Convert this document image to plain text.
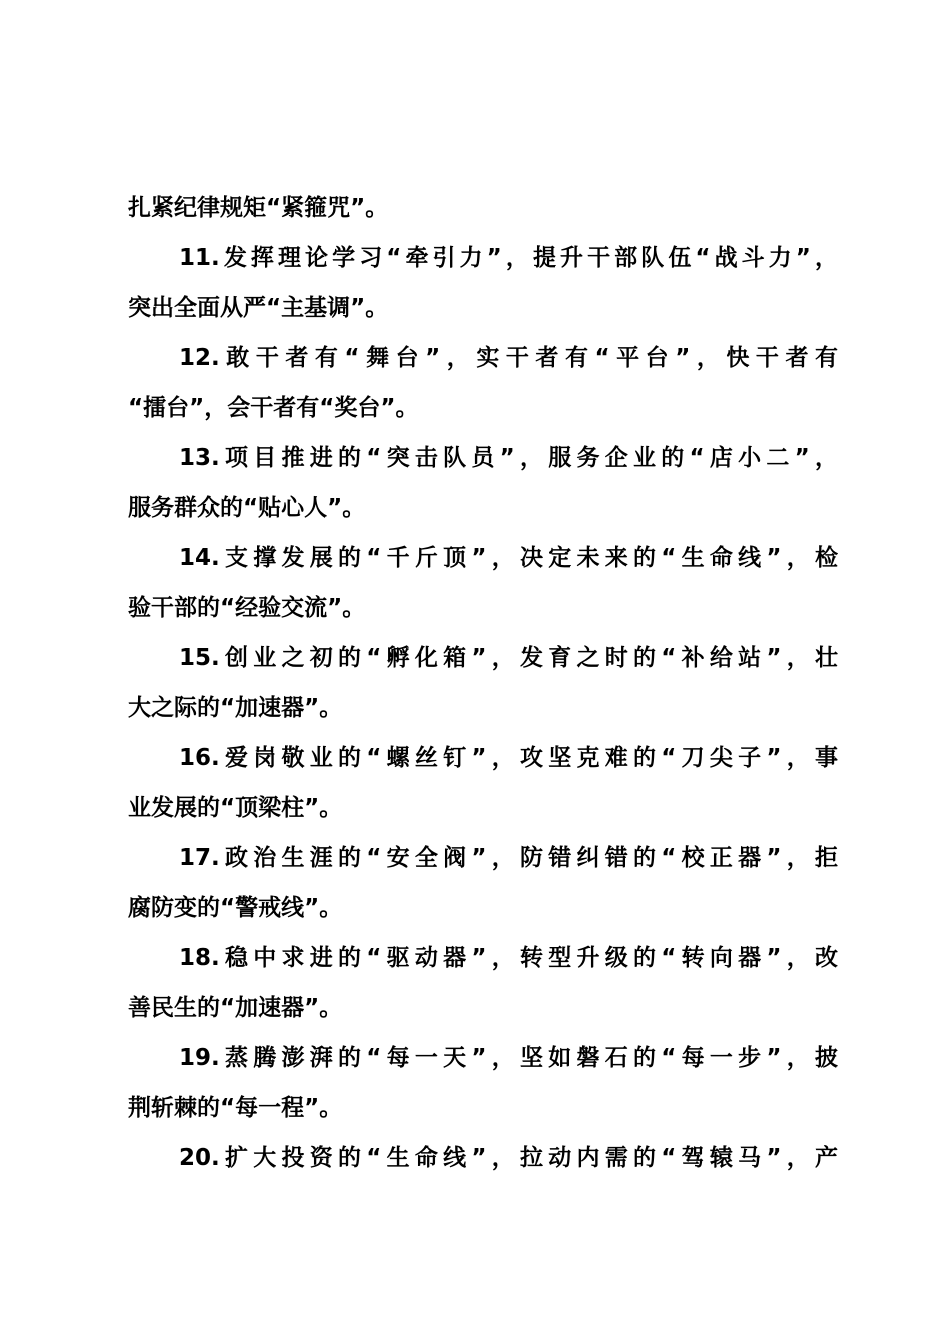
扎紧纪律规矩“紧箍咒”。
11.发挥理论学习“牵引力”，提升干部队伍“战斗力”，
突出全面从严“主基调”。
12.敢干者有“舞台”，实干者有“平台”，快干者有
“擂台”，会干者有“奖台”。
13.项目推进的“突击队员”，服务企业的“店小二”，
服务群众的“贴心人”。
14.支撑发展的“千斤顶”，决定未来的“生命线”，检
验干部的“经验交流”。
15.创业之初的“孵化箱”，发育之时的“补给站”，壮
大之际的“加速器”。
16.爱岗敬业的“螺丝钉”，攻坚克难的“刀尖子”，事
业发展的“顶梁柱”。
17.政治生涯的“安全阀”，防错纠错的“校正器”，拒
腐防变的“警戒线”。
18.稳中求进的“驱动器”，转型升级的“转向器”，改
善民生的“加速器”。
19.蒸腾澎湃的“每一天”，坚如磐石的“每一步”，披
荆斩棘的“每一程”。
20.扩大投资的“生命线”，拉动内需的“驾辕马”，产
